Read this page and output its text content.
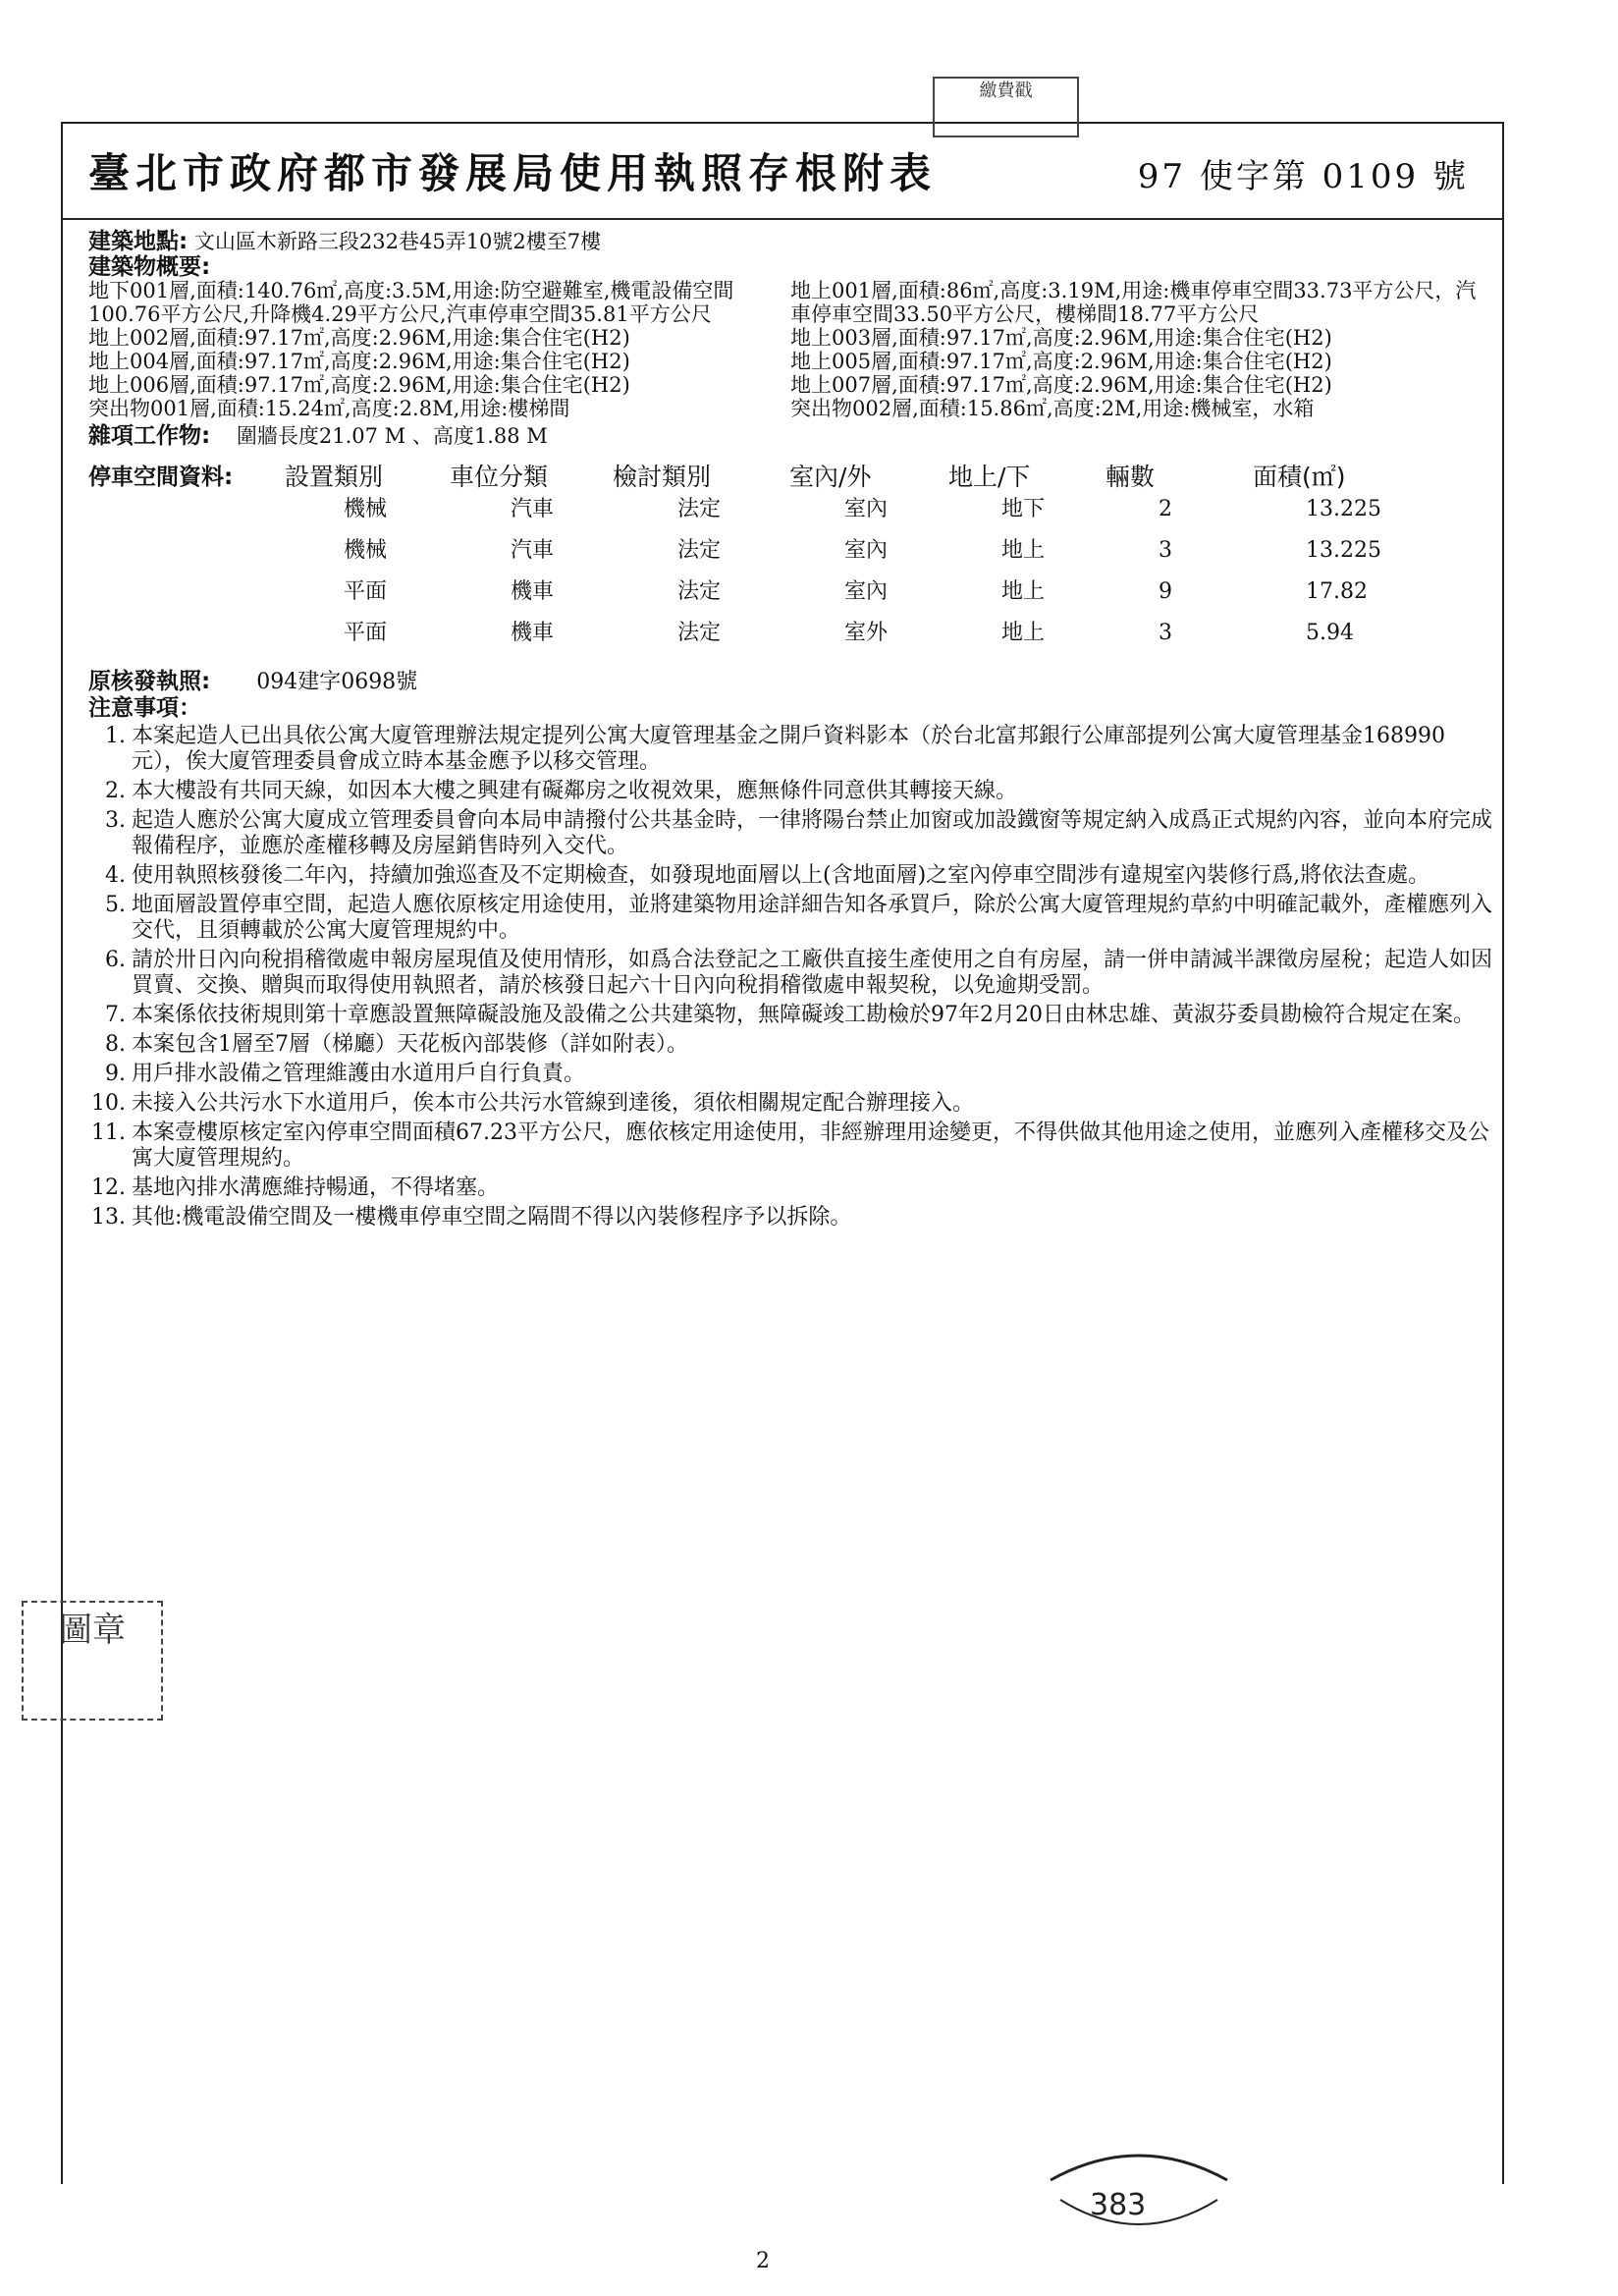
臺北市政府都市發展局使用執照存根附表	97 使字第 0109 號
繳費戳
建築地點: 文山區木新路三段232巷45弄10號2樓至7樓
建築物概要:
地下001層,面積:140.76㎡,高度:3.5M,用途:防空避難室,機電設備空間100.76平方公尺,升降機4.29平方公尺,汽車停車空間35.81平方公尺
地上001層,面積:86㎡,高度:3.19M,用途:機車停車空間33.73平方公尺，汽車停車空間33.50平方公尺，樓梯間18.77平方公尺
地上002層,面積:97.17㎡,高度:2.96M,用途:集合住宅(H2)	地上003層,面積:97.17㎡,高度:2.96M,用途:集合住宅(H2)
地上004層,面積:97.17㎡,高度:2.96M,用途:集合住宅(H2)	地上005層,面積:97.17㎡,高度:2.96M,用途:集合住宅(H2)
地上006層,面積:97.17㎡,高度:2.96M,用途:集合住宅(H2)	地上007層,面積:97.17㎡,高度:2.96M,用途:集合住宅(H2)
突出物001層,面積:15.24㎡,高度:2.8M,用途:樓梯間	突出物002層,面積:15.86㎡,高度:2M,用途:機械室，水箱
雜項工作物: 圍牆長度21.07 M 、高度1.88 M
停車空間資料:	設置類別	車位分類	檢討類別	室內/外	地上/下	輛數	面積(㎡)
機械	汽車	法定	室內	地下	2	13.225
機械	汽車	法定	室內	地上	3	13.225
平面	機車	法定	室內	地上	9	17.82
平面	機車	法定	室外	地上	3	5.94
原核發執照: 094建字0698號
注意事項：
1. 本案起造人已出具依公寓大廈管理辦法規定提列公寓大廈管理基金之開戶資料影本（於台北富邦銀行公庫部提列公寓大廈管理基金168990元），俟大廈管理委員會成立時本基金應予以移交管理。
2. 本大樓設有共同天線，如因本大樓之興建有礙鄰房之收視效果，應無條件同意供其轉接天線。
3. 起造人應於公寓大廈成立管理委員會向本局申請撥付公共基金時，一律將陽台禁止加窗或加設鐵窗等規定納入成爲正式規約內容，並向本府完成報備程序，並應於產權移轉及房屋銷售時列入交代。
4. 使用執照核發後二年內，持續加強巡查及不定期檢查，如發現地面層以上(含地面層)之室內停車空間涉有違規室內裝修行爲,將依法查處。
5. 地面層設置停車空間，起造人應依原核定用途使用，並將建築物用途詳細告知各承買戶，除於公寓大廈管理規約草約中明確記載外，產權應列入交代，且須轉載於公寓大廈管理規約中。
6. 請於卅日內向稅捐稽徵處申報房屋現值及使用情形，如爲合法登記之工廠供直接生產使用之自有房屋，請一併申請減半課徵房屋稅；起造人如因買賣、交換、贈與而取得使用執照者，請於核發日起六十日內向稅捐稽徵處申報契稅，以免逾期受罰。
7. 本案係依技術規則第十章應設置無障礙設施及設備之公共建築物，無障礙竣工勘檢於97年2月20日由林忠雄、黃淑芬委員勘檢符合規定在案。
8. 本案包含1層至7層（梯廳）天花板內部裝修（詳如附表）。
9. 用戶排水設備之管理維護由水道用戶自行負責。
10. 未接入公共污水下水道用戶，俟本市公共污水管線到達後，須依相關規定配合辦理接入。
11. 本案壹樓原核定室內停車空間面積67.23平方公尺，應依核定用途使用，非經辦理用途變更，不得供做其他用途之使用，並應列入產權移交及公寓大廈管理規約。
12. 基地內排水溝應維持暢通，不得堵塞。
13. 其他:機電設備空間及一樓機車停車空間之隔間不得以內裝修程序予以拆除。
圖章
383
2
